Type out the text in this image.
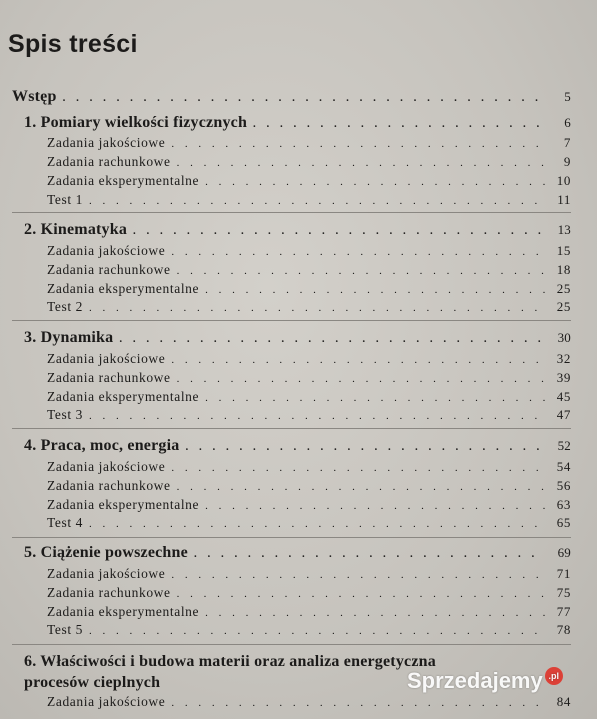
Spis treści
Wstęp . . .	5
1. Pomiary wielkości fizycznych . . .	6
Zadania jakościowe . . .	7
Zadania rachunkowe . . .	9
Zadania eksperymentalne . . .	10
Test 1 . . .	11
2. Kinematyka . . .	13
Zadania jakościowe . . .	15
Zadania rachunkowe . . .	18
Zadania eksperymentalne . . .	25
Test 2 . . .	25
3. Dynamika . . .	30
Zadania jakościowe . . .	32
Zadania rachunkowe . . .	39
Zadania eksperymentalne . . .	45
Test 3 . . .	47
4. Praca, moc, energia . . .	52
Zadania jakościowe . . .	54
Zadania rachunkowe . . .	56
Zadania eksperymentalne . . .	63
Test 4 . . .	65
5. Ciążenie powszechne . . .	69
Zadania jakościowe . . .	71
Zadania rachunkowe . . .	75
Zadania eksperymentalne . . .	77
Test 5 . . .	78
6. Właściwości i budowa materii oraz analiza energetyczna
procesów cieplnych
Zadania jakościowe . . .	84
Sprzedajemy .pl
